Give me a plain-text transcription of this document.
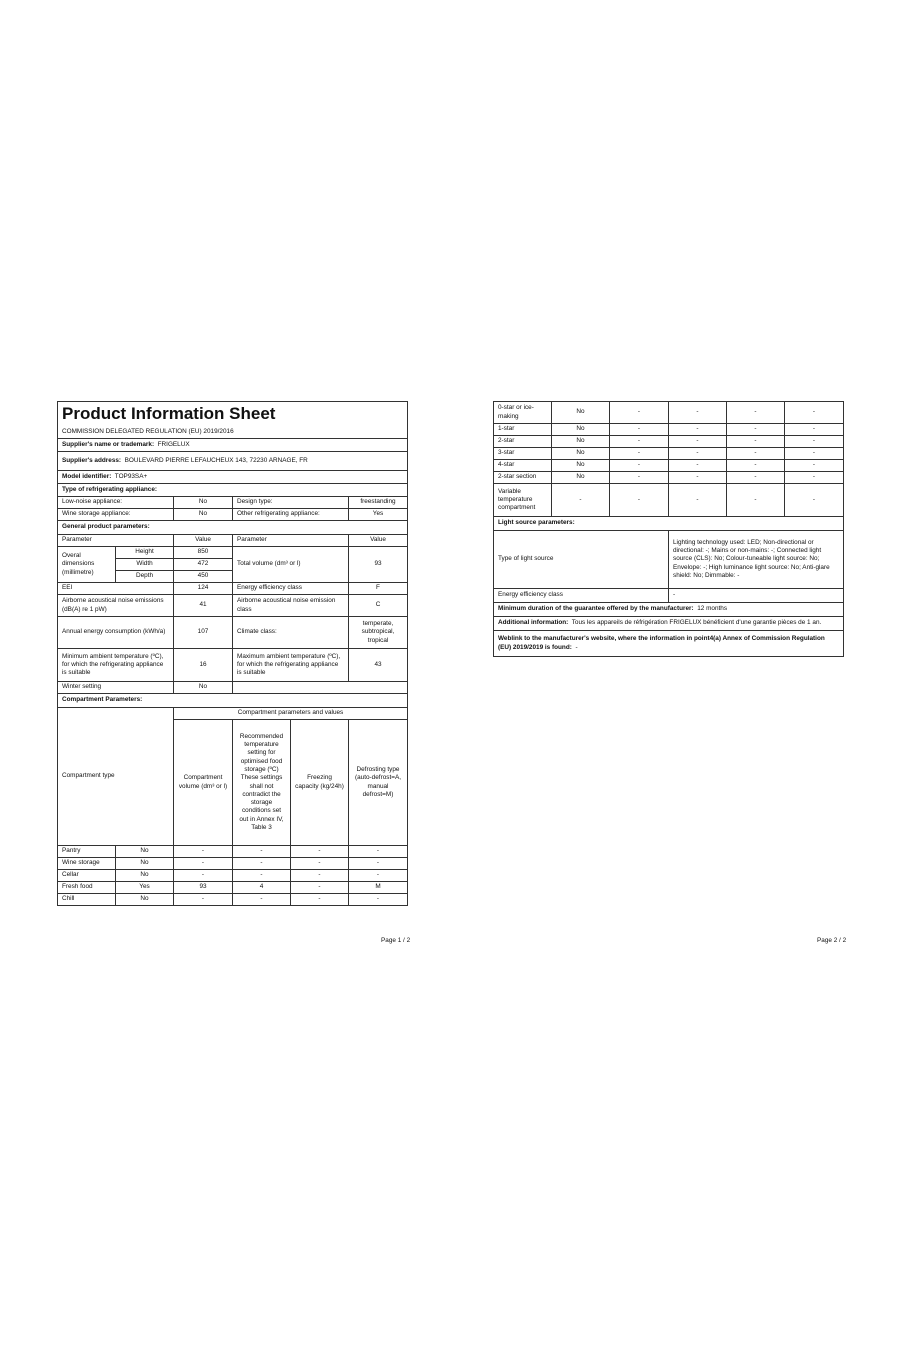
Product Information Sheet					
COMMISSION DELEGATED REGULATION (EU) 2019/2016					
Supplier's name or trademark: FRIGELUX					
Supplier's address: BOULEVARD PIERRE LEFAUCHEUX 143, 72230 ARNAGE, FR					
Model identifier: TOP93SA+					
Type of refrigerating appliance:					
Low-noise appliance:		No	Design type:		freestanding
Wine storage appliance:		No	Other refrigerating appliance:		Yes
General product parameters:					
Parameter		Value	Parameter		Value
Overal dimensions (millimetre)	Height	850	Total volume (dm³ or l)		93
	Width	472			
	Depth	450			
EEI		124	Energy efficiency class		F
Airborne acoustical noise emissions (dB(A) re 1 pW)		41	Airborne acoustical noise emission class		C
Annual energy consumption (kWh/a)		107	Climate class:		temperate, subtropical, tropical
Minimum ambient temperature (ºC), for which the refrigerating appliance is suitable		16	Maximum ambient temperature (ºC), for which the refrigerating appliance is suitable		43
Winter setting		No			
Compartment Parameters:					
Compartment type		Compartment parameters and values			
		Compartment volume (dm³ or l)	Recommended temperature setting for optimised food storage (ºC) These settings shall not contradict the storage conditions set out in Annex IV, Table 3	Freezing capacity (kg/24h)	Defrosting type (auto-defrost=A, manual defrost=M)
Pantry	No	-	-	-	-
Wine storage	No	-	-	-	-
Cellar	No	-	-	-	-
Fresh food	Yes	93	4	-	M
Chill	No	-	-	-	-
Page 1 / 2
0-star or ice-making	No	-	-	-	-
1-star	No	-	-	-	-
2-star	No	-	-	-	-
3-star	No	-	-	-	-
4-star	No	-	-	-	-
2-star section	No	-	-	-	-
Variable temperature compartment	-	-	-	-	-
Light source parameters:					
Type of light source			Lighting technology used: LED; Non-directional or directional: -; Mains or non-mains: -; Connected light source (CLS): No; Colour-tuneable light source: No; Envelope: -; High luminance light source: No; Anti-glare shield: No; Dimmable: -		
Energy efficiency class			-		
Minimum duration of the guarantee offered by the manufacturer: 12 months					
Additional information: Tous les appareils de réfrigération FRIGELUX bénéficient d'une garantie pièces de 1 an.					
Weblink to the manufacturer's website, where the information in point4(a) Annex of Commission Regulation (EU) 2019/2019 is found: -					
Page 2 / 2
